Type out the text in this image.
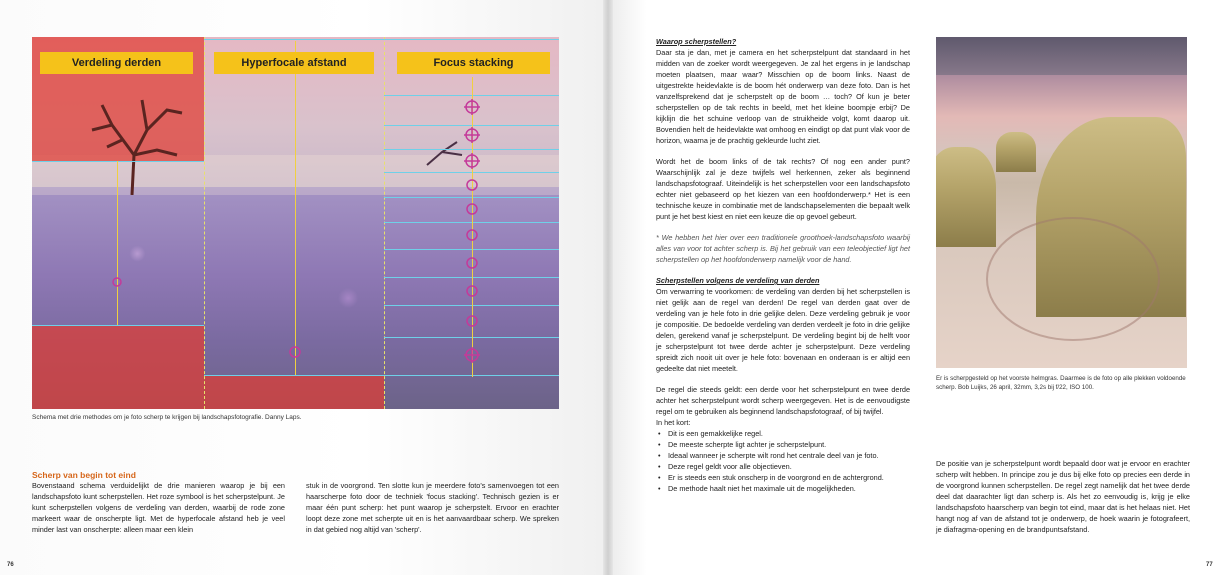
Verdeling derden	Hyperfocale afstand	Focus stacking
Schema met drie methodes om je foto scherp te krijgen bij landschapsfotografie. Danny Laps.
Scherp van begin tot eind
Bovenstaand schema verduidelijkt de drie manieren waarop je bij een landschapsfoto kunt scherpstellen. Het roze symbool is het scherpstelpunt. Je kunt scherpstellen volgens de verdeling van derden, waarbij de rode zone markeert waar de onscherpte ligt. Met de hyperfocale afstand heb je veel minder last van onscherpte: alleen maar een klein
stuk in de voorgrond. Ten slotte kun je meerdere foto's samenvoegen tot een haarscherpe foto door de techniek 'focus stacking'. Technisch gezien is er maar één punt scherp: het punt waarop je scherpstelt. Ervoor en erachter loopt deze zone met scherpte uit en is het aanvaardbaar scherp. We spreken in dat gebied nog altijd van 'scherp'.
76

Waarop scherpstellen?

Daar sta je dan, met je camera en het scherpstelpunt dat standaard in het midden van de zoeker wordt weergegeven. Je zal het ergens in je landschap moeten plaatsen, maar waar? Misschien op de boom links. Naast de uitgestrekte heidevlakte is de boom hét onderwerp van deze foto. Dan is het vanzelfsprekend dat je scherpstelt op de boom … toch? Of kun je beter scherpstellen op de tak rechts in beeld, met het kleine boompje erbij? De kijklijn die het schuine verloop van de struikheide volgt, komt daarop uit. Bovendien helt de heidevlakte wat omhoog en eindigt op dat punt vlak voor de horizon, waarna je de prachtig gekleurde lucht ziet.

Wordt het de boom links of de tak rechts? Of nog een ander punt? Waarschijnlijk zal je deze twijfels wel herkennen, zeker als beginnend landschapsfotograaf. Uiteindelijk is het scherpstellen voor een landschapsfoto echter niet gebaseerd op het kiezen van een hoofdonderwerp.* Het is een technische keuze in combinatie met de landschapselementen die bepaalt welk punt je het best kiest en niet een keuze die op gevoel gebeurt.

* We hebben het hier over een traditionele groothoek-landschapsfoto waarbij alles van voor tot achter scherp is. Bij het gebruik van een teleobjectief ligt het scherpstellen op het hoofdonderwerp namelijk voor de hand.

Scherpstellen volgens de verdeling van derden

Om verwarring te voorkomen: de verdeling van derden bij het scherpstellen is niet gelijk aan de regel van derden! De regel van derden gaat over de verdeling van je hele foto in drie gelijke delen. Deze verdeling gebruik je voor je compositie. De bedoelde verdeling van derden verdeelt je foto in drie gelijke delen, gerekend vanaf je scherpstelpunt. De verdeling begint bij de helft voor je scherpstelpunt tot twee derde achter je scherpstelpunt. Deze verdeling spreidt zich nooit uit over je hele foto: bovenaan en onderaan is er altijd een gedeelte dat niet meetelt.

De regel die steeds geldt: een derde voor het scherpstelpunt en twee derde achter het scherpstelpunt wordt scherp weergegeven. Het is de eenvoudigste regel om te gebruiken als beginnend landschapsfotograaf, of bij twijfel.

In het kort:

• Dit is een gemakkelijke regel.
• De meeste scherpte ligt achter je scherpstelpunt.
• Ideaal wanneer je scherpte wilt rond het centrale deel van je foto.
• Deze regel geldt voor alle objectieven.
• Er is steeds een stuk onscherp in de voorgrond en de achtergrond.
• De methode haalt niet het maximale uit de mogelijkheden.
Er is scherpgesteld op het voorste helmgras. Daarmee is de foto op alle plekken voldoende scherp. Bob Luijks, 26 april, 32mm, 3,2s bij f/22, ISO 100.
De positie van je scherpstelpunt wordt bepaald door wat je ervoor en erachter scherp wilt hebben. In principe zou je dus bij elke foto op precies een derde in de voorgrond kunnen scherpstellen. De regel zegt namelijk dat het twee derde deel dat daarachter ligt dan scherp is. Als het zo eenvoudig is, krijg je elke landschapsfoto haarscherp van begin tot eind, maar dat is het helaas niet. Het hangt nog af van de afstand tot je onderwerp, de hoek waarin je fotografeert, je diafragma-opening en de brandpuntsafstand.
77
